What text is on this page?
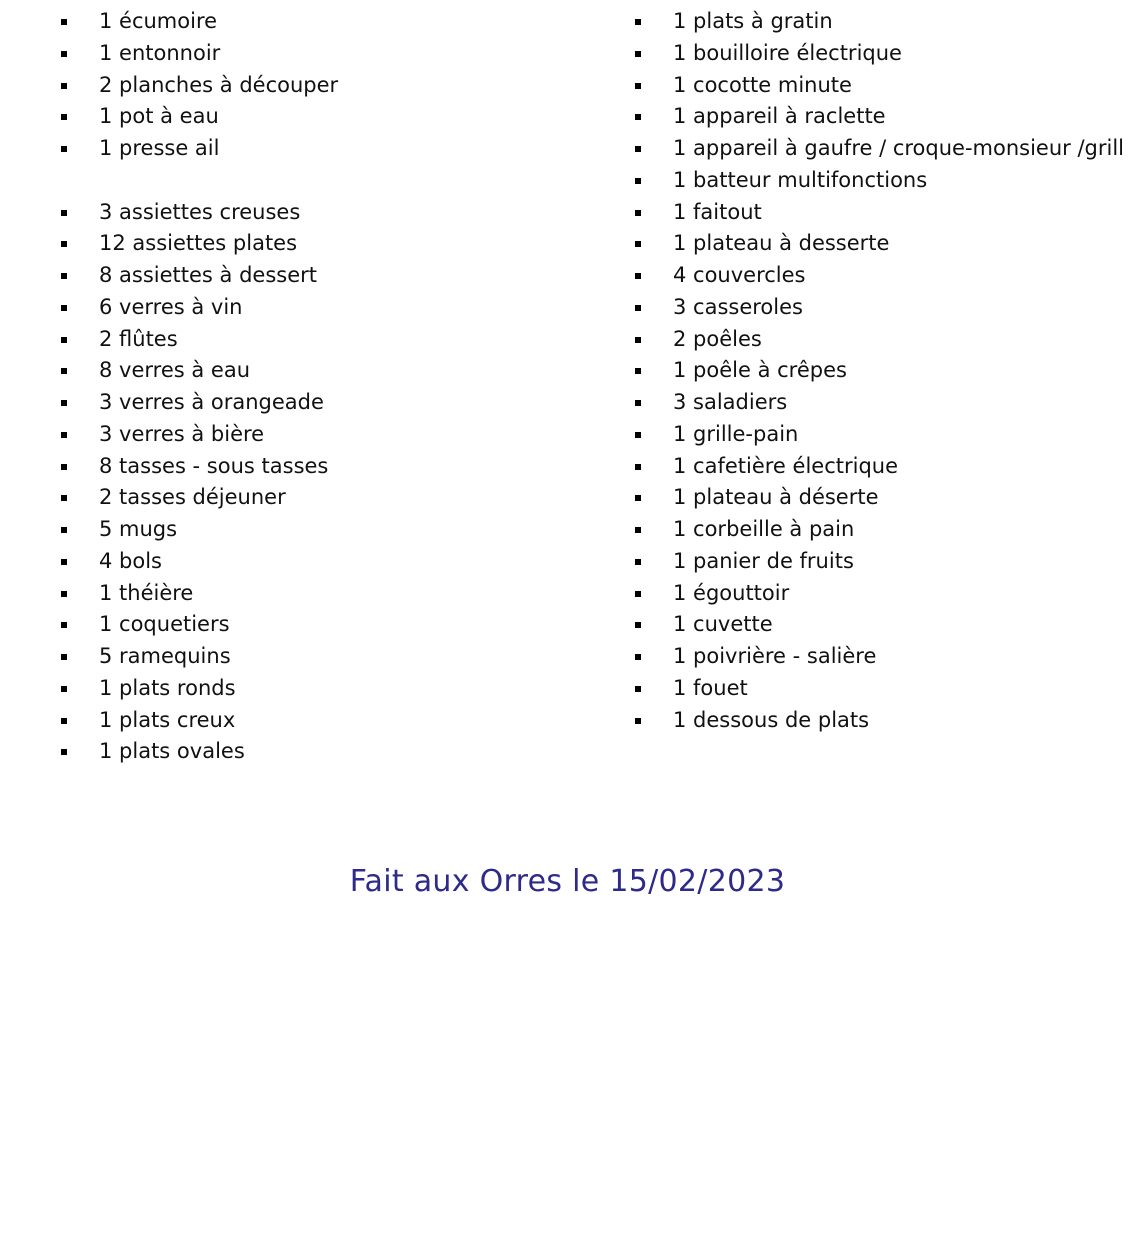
1 écumoire
1 entonnoir
2 planches à découper
1 pot à eau
1 presse ail
3 assiettes creuses
12 assiettes plates
8 assiettes à dessert
6 verres à vin
2 flûtes
8 verres à eau
3 verres à orangeade
3 verres à bière
8 tasses - sous tasses
2 tasses déjeuner
5 mugs
4 bols
1 théière
1 coquetiers
5 ramequins
1 plats ronds
1 plats creux
1 plats ovales
1 plats à gratin
1 bouilloire électrique
1 cocotte minute
1 appareil à raclette
1 appareil à gaufre / croque-monsieur /grill
1 batteur multifonctions
1 faitout
1 plateau à desserte
4 couvercles
3 casseroles
2 poêles
1 poêle à crêpes
3 saladiers
1 grille-pain
1 cafetière électrique
1 plateau à déserte
1 corbeille à pain
1 panier de fruits
1 égouttoir
1 cuvette
1 poivrière - salière
1 fouet
1 dessous de plats
Fait aux Orres le 15/02/2023
